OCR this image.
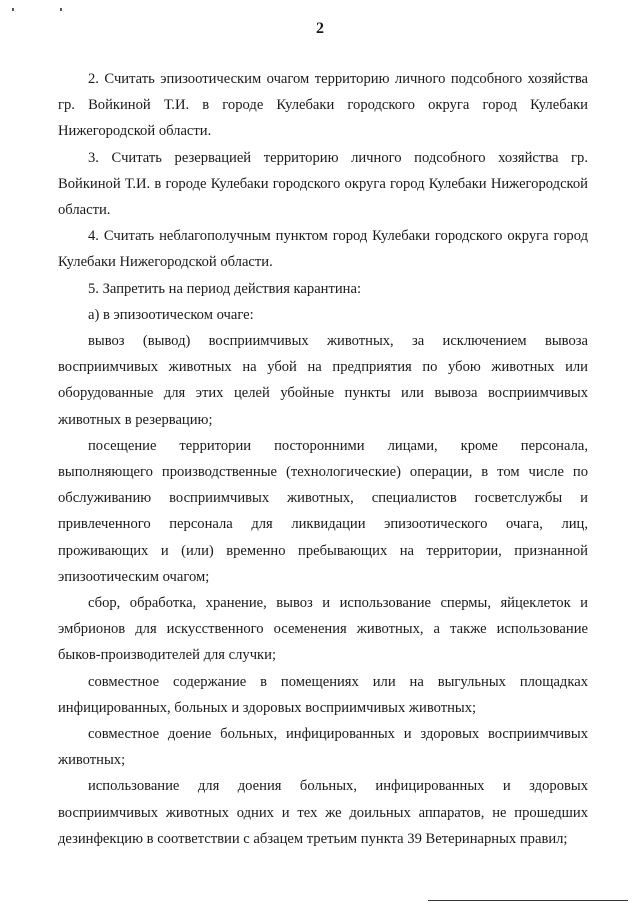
2

2. Считать эпизоотическим очагом территорию личного подсобного хозяйства гр. Войкиной Т.И. в городе Кулебаки городского округа город Кулебаки Нижегородской области.

3. Считать резервацией территорию личного подсобного хозяйства гр. Войкиной Т.И. в городе Кулебаки городского округа город Кулебаки Нижегородской области.

4. Считать неблагополучным пунктом город Кулебаки городского округа город Кулебаки Нижегородской области.

5. Запретить на период действия карантина:

а) в эпизоотическом очаге:

вывоз (вывод) восприимчивых животных, за исключением вывоза восприимчивых животных на убой на предприятия по убою животных или оборудованные для этих целей убойные пункты или вывоза восприимчивых животных в резервацию;

посещение территории посторонними лицами, кроме персонала, выполняющего производственные (технологические) операции, в том числе по обслуживанию восприимчивых животных, специалистов госветслужбы и привлеченного персонала для ликвидации эпизоотического очага, лиц, проживающих и (или) временно пребывающих на территории, признанной эпизоотическим очагом;

сбор, обработка, хранение, вывоз и использование спермы, яйцеклеток и эмбрионов для искусственного осеменения животных, а также использование быков-производителей для случки;

совместное содержание в помещениях или на выгульных площадках инфицированных, больных и здоровых восприимчивых животных;

совместное доение больных, инфицированных и здоровых восприимчивых животных;

использование для доения больных, инфицированных и здоровых восприимчивых животных одних и тех же доильных аппаратов, не прошедших дезинфекцию в соответствии с абзацем третьим пункта 39 Ветеринарных правил;
